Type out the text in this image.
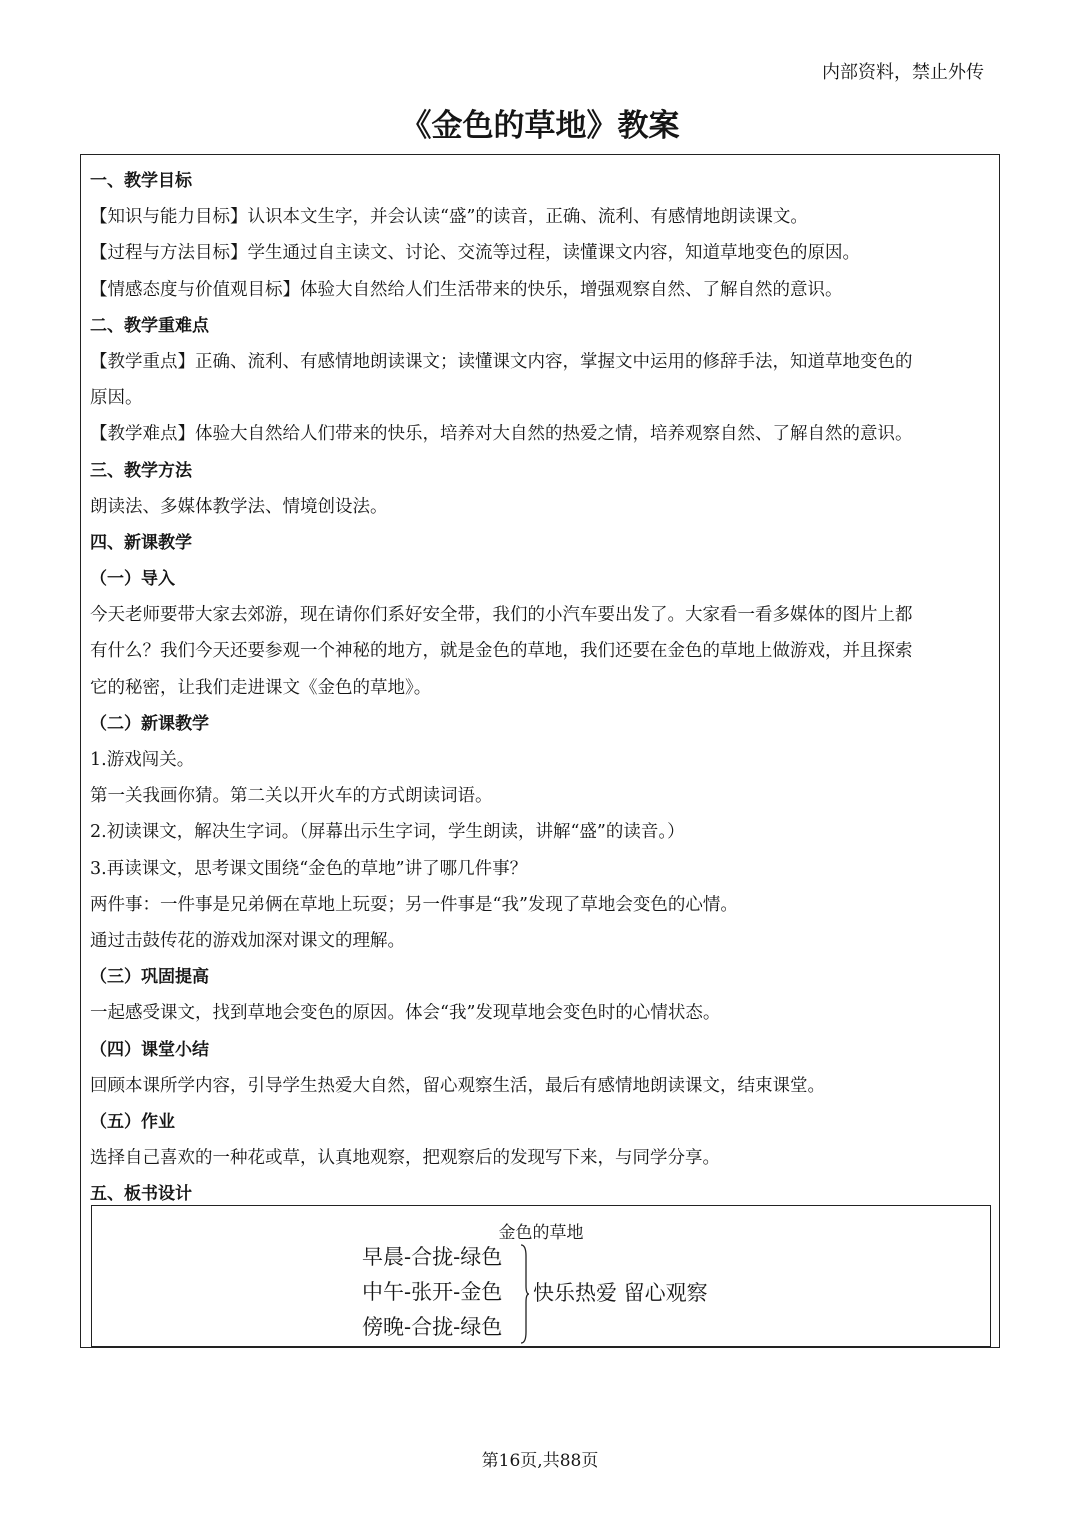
内部资料，禁止外传
《金色的草地》教案
一、教学目标
【知识与能力目标】认识本文生字，并会认读“盛”的读音，正确、流利、有感情地朗读课文。
【过程与方法目标】学生通过自主读文、讨论、交流等过程，读懂课文内容，知道草地变色的原因。
【情感态度与价值观目标】体验大自然给人们生活带来的快乐，增强观察自然、了解自然的意识。
二、教学重难点
【教学重点】正确、流利、有感情地朗读课文；读懂课文内容，掌握文中运用的修辞手法，知道草地变色的
原因。
【教学难点】体验大自然给人们带来的快乐，培养对大自然的热爱之情，培养观察自然、了解自然的意识。
三、教学方法
朗读法、多媒体教学法、情境创设法。
四、新课教学
（一）导入
今天老师要带大家去郊游，现在请你们系好安全带，我们的小汽车要出发了。大家看一看多媒体的图片上都
有什么？我们今天还要参观一个神秘的地方，就是金色的草地，我们还要在金色的草地上做游戏，并且探索
它的秘密，让我们走进课文《金色的草地》。
（二）新课教学
1.游戏闯关。
第一关我画你猜。第二关以开火车的方式朗读词语。
2.初读课文，解决生字词。（屏幕出示生字词，学生朗读，讲解“盛”的读音。）
3.再读课文，思考课文围绕“金色的草地”讲了哪几件事？
两件事：一件事是兄弟俩在草地上玩耍；另一件事是“我”发现了草地会变色的心情。
通过击鼓传花的游戏加深对课文的理解。
（三）巩固提高
一起感受课文，找到草地会变色的原因。体会“我”发现草地会变色时的心情状态。
（四）课堂小结
回顾本课所学内容，引导学生热爱大自然，留心观察生活，最后有感情地朗读课文，结束课堂。
（五）作业
选择自己喜欢的一种花或草，认真地观察，把观察后的发现写下来，与同学分享。
五、板书设计
金色的草地
早晨-合拢-绿色
中午-张开-金色
傍晚-合拢-绿色
快乐热爱 留心观察
第16页,共88页
